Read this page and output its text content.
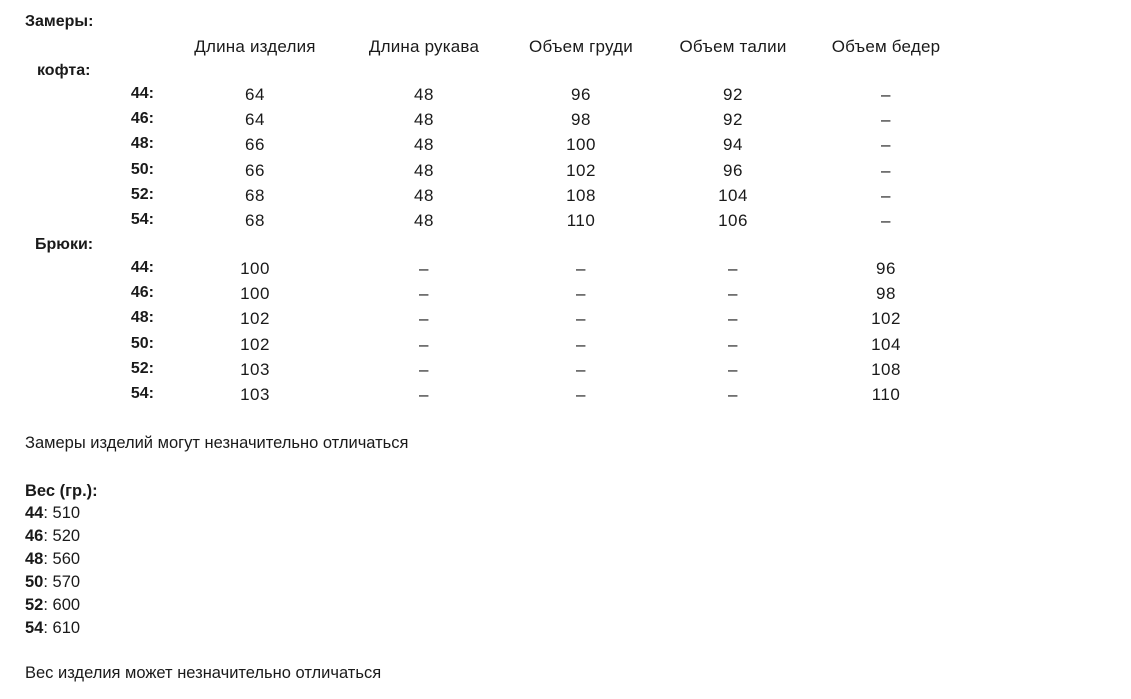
Замеры:
Длина изделия	Длина рукава	Объем груди	Объем талии	Объем бедер
кофта:
44:	64	48	96	92	–
46:	64	48	98	92	–
48:	66	48	100	94	–
50:	66	48	102	96	–
52:	68	48	108	104	–
54:	68	48	110	106	–
Брюки:
44:	100	–	–	–	96
46:	100	–	–	–	98
48:	102	–	–	–	102
50:	102	–	–	–	104
52:	103	–	–	–	108
54:	103	–	–	–	110
Замеры изделий могут незначительно отличаться
Вес (гр.):
44: 510
46: 520
48: 560
50: 570
52: 600
54: 610
Вес изделия может незначительно отличаться
